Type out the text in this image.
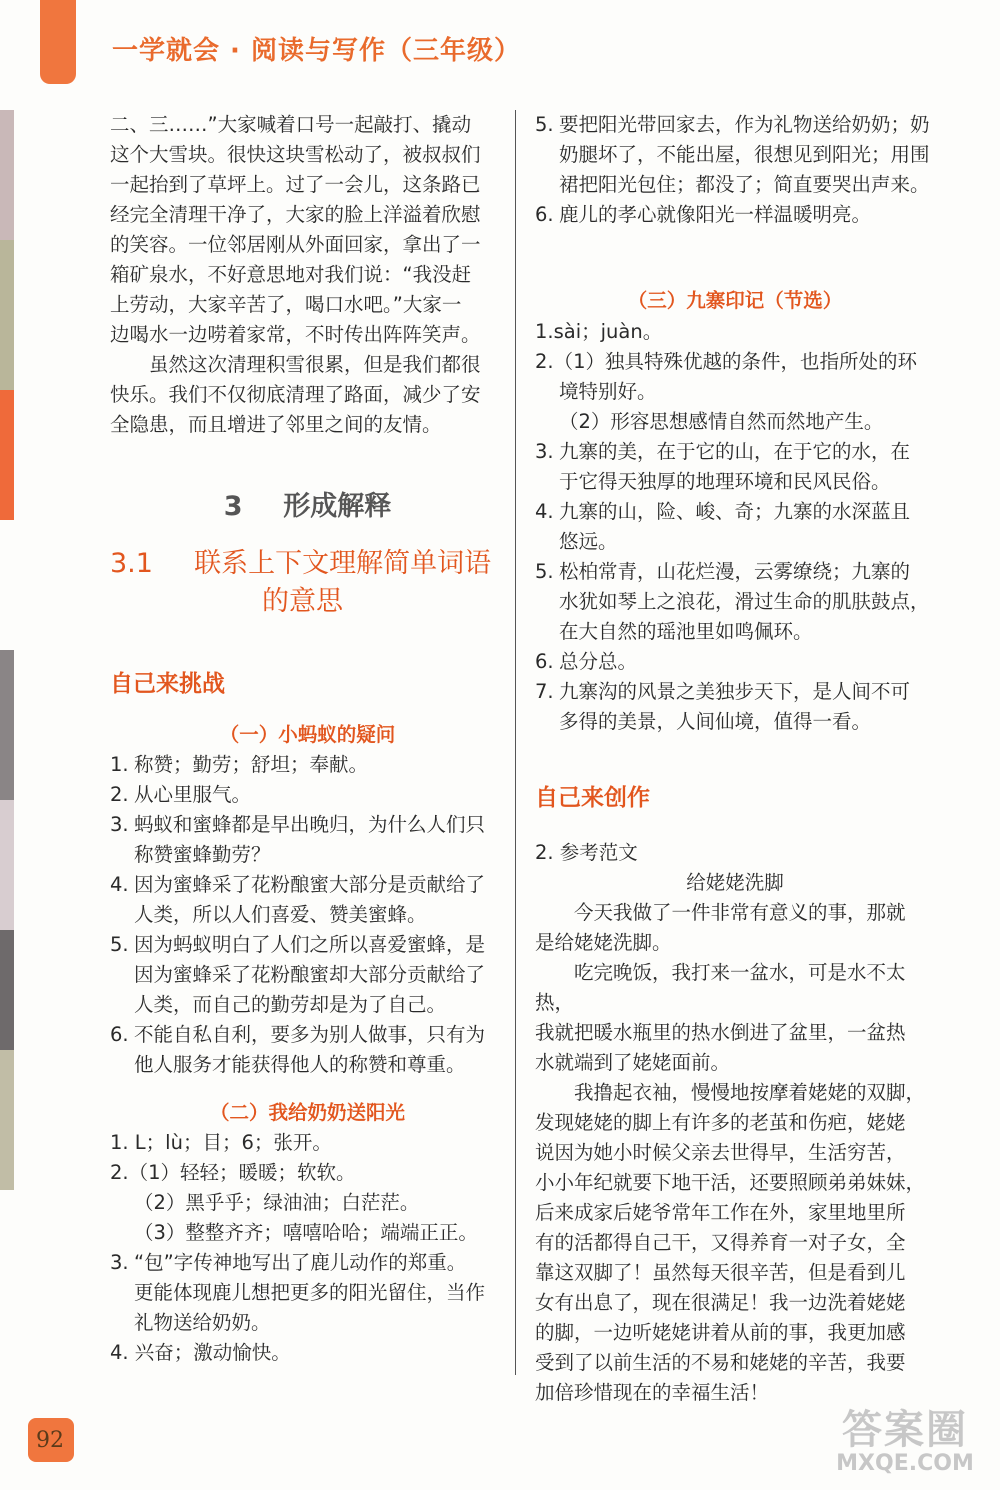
一学就会 · 阅读与写作（三年级）

二、三……”大家喊着口号一起敲打、撬动

这个大雪块。很快这块雪松动了，被叔叔们

一起抬到了草坪上。过了一会儿，这条路已

经完全清理干净了，大家的脸上洋溢着欣慰

的笑容。一位邻居刚从外面回家，拿出了一

箱矿泉水，不好意思地对我们说：“我没赶

上劳动，大家辛苦了，喝口水吧。”大家一

边喝水一边唠着家常，不时传出阵阵笑声。

虽然这次清理积雪很累，但是我们都很

快乐。我们不仅彻底清理了路面，减少了安

全隐患，而且增进了邻里之间的友情。

3 形成解释
3.1 联系上下文理解简单词语
的意思

自己来挑战

（一）小蚂蚁的疑问

1. 称赞；勤劳；舒坦；奉献。

2. 从心里服气。

3. 蚂蚁和蜜蜂都是早出晚归，为什么人们只

称赞蜜蜂勤劳？

4. 因为蜜蜂采了花粉酿蜜大部分是贡献给了

人类，所以人们喜爱、赞美蜜蜂。

5. 因为蚂蚁明白了人们之所以喜爱蜜蜂，是

因为蜜蜂采了花粉酿蜜却大部分贡献给了

人类，而自己的勤劳却是为了自己。

6. 不能自私自利，要多为别人做事，只有为

他人服务才能获得他人的称赞和尊重。

（二）我给奶奶送阳光

1. L；lù；目；6；张开。

2.（1）轻轻；暖暖；软软。

（2）黑乎乎；绿油油；白茫茫。

（3）整整齐齐；嘻嘻哈哈；端端正正。

3. “包”字传神地写出了鹿儿动作的郑重。

更能体现鹿儿想把更多的阳光留住，当作

礼物送给奶奶。

4. 兴奋；激动愉快。

5. 要把阳光带回家去，作为礼物送给奶奶；奶

奶腿坏了，不能出屋，很想见到阳光；用围

裙把阳光包住；都没了；简直要哭出声来。

6. 鹿儿的孝心就像阳光一样温暖明亮。

（三）九寨印记（节选）

1.sài；juàn。

2.（1）独具特殊优越的条件，也指所处的环

境特别好。

（2）形容思想感情自然而然地产生。

3. 九寨的美，在于它的山，在于它的水，在

于它得天独厚的地理环境和民风民俗。

4. 九寨的山，险、峻、奇；九寨的水深蓝且

悠远。

5. 松柏常青，山花烂漫，云雾缭绕；九寨的

水犹如琴上之浪花，滑过生命的肌肤鼓点，

在大自然的瑶池里如鸣佩环。

6. 总分总。

7. 九寨沟的风景之美独步天下，是人间不可

多得的美景，人间仙境，值得一看。

自己来创作

2. 参考范文

给姥姥洗脚

今天我做了一件非常有意义的事，那就

是给姥姥洗脚。

吃完晚饭，我打来一盆水，可是水不太热，

我就把暖水瓶里的热水倒进了盆里，一盆热

水就端到了姥姥面前。

我撸起衣袖，慢慢地按摩着姥姥的双脚，

发现姥姥的脚上有许多的老茧和伤疤，姥姥

说因为她小时候父亲去世得早，生活穷苦，

小小年纪就要下地干活，还要照顾弟弟妹妹，

后来成家后姥爷常年工作在外，家里地里所

有的活都得自己干，又得养育一对子女，全

靠这双脚了！虽然每天很辛苦，但是看到儿

女有出息了，现在很满足！我一边洗着姥姥

的脚，一边听姥姥讲着从前的事，我更加感

受到了以前生活的不易和姥姥的辛苦，我要

加倍珍惜现在的幸福生活！

92	答案圈
MXQE.COM
